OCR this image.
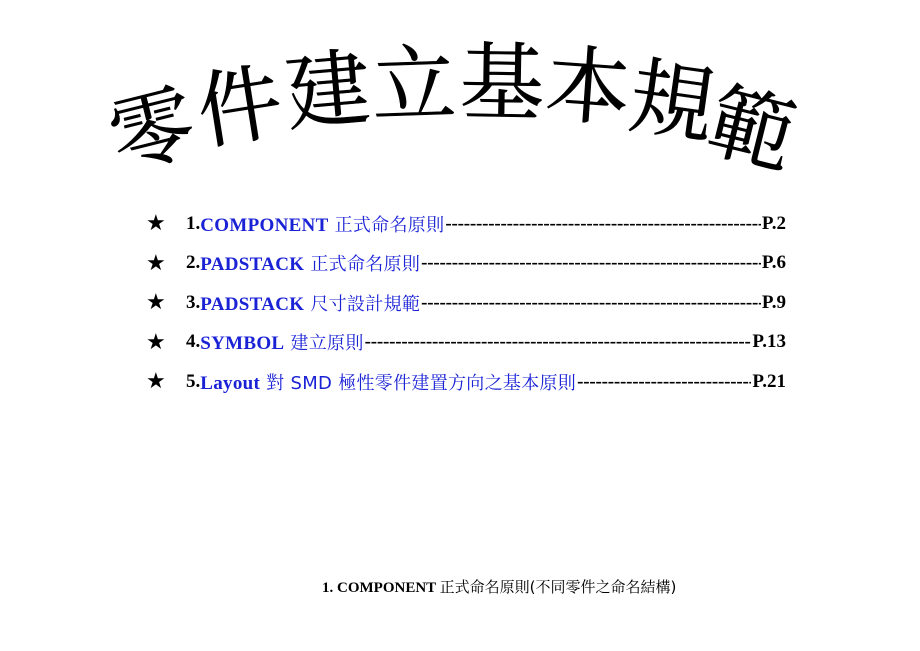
零
件
建
立 基
本
規
範
★	1. COMPONENT 正式命名原則 -----	P.2
★	2. PADSTACK 正式命名原則 -----	P.6
★	3. PADSTACK 尺寸設計規範 -----	P.9
★	4. SYMBOL 建立原則 -----	P.13
★	5. Layout 對 SMD 極性零件建置方向之基本原則 -----	P.21
1. COMPONENT 正式命名原則(不同零件之命名結構)
